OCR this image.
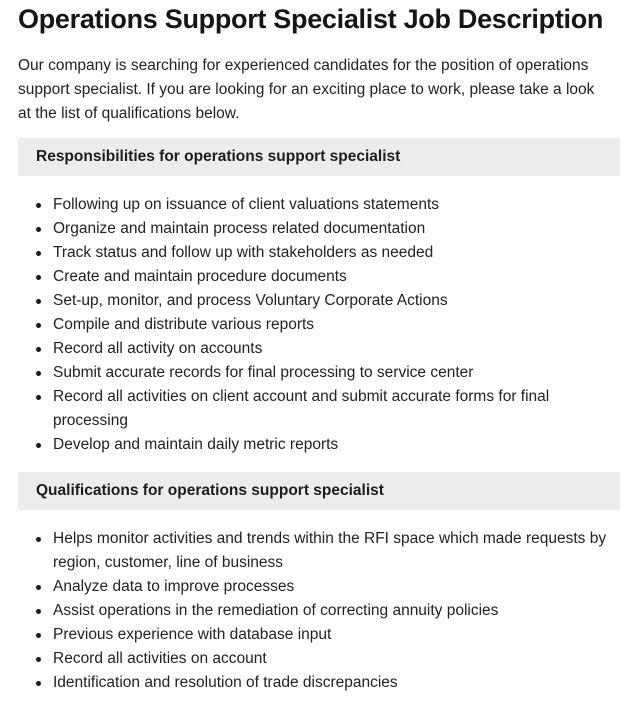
Operations Support Specialist Job Description

Our company is searching for experienced candidates for the position of operations support specialist. If you are looking for an exciting place to work, please take a look at the list of qualifications below.

Responsibilities for operations support specialist
Following up on issuance of client valuations statements
Organize and maintain process related documentation
Track status and follow up with stakeholders as needed
Create and maintain procedure documents
Set-up, monitor, and process Voluntary Corporate Actions
Compile and distribute various reports
Record all activity on accounts
Submit accurate records for final processing to service center
Record all activities on client account and submit accurate forms for final processing
Develop and maintain daily metric reports
Qualifications for operations support specialist
Helps monitor activities and trends within the RFI space which made requests by region, customer, line of business
Analyze data to improve processes
Assist operations in the remediation of correcting annuity policies
Previous experience with database input
Record all activities on account
Identification and resolution of trade discrepancies
